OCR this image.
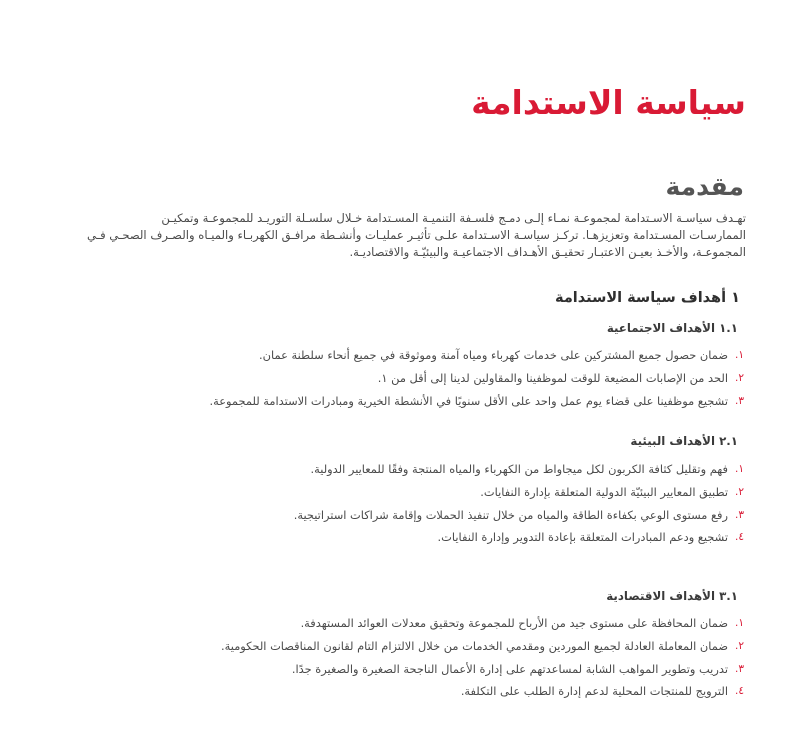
سياسة الاستدامة
مقدمة

تهـدف سياسـة الاسـتدامة لمجموعـة نمـاء إلـى دمـج فلسـفة التنميـة المسـتدامة خـلال سلسـلة التوريـد للمجموعـة وتمكيـن
الممارسـات المسـتدامة وتعزيزهـا. تركـز سياسـة الاسـتدامة علـى تأثيـر عمليـات وأنشـطة مرافـق الكهربـاء والميـاه والصـرف الصحـي فـي
المجموعـة، والأخـذ بعيـن الاعتبـار تحقيـق الأهـداف الاجتماعيـة والبيئيّـة والاقتصاديـة.

١ أهداف سياسة الاستدامة
١.١ الأهداف الاجتماعية
١.
ضمان حصول جميع المشتركين على خدمات كهرباء ومياه آمنة وموثوقة في جميع أنحاء سلطنة عمان.
٢.
الحد من الإصابات المضيعة للوقت لموظفينا والمقاولين لدينا إلى أقل من ١.
٣.
تشجيع موظفينا على قضاء يوم عمل واحد على الأقل سنويًا في الأنشطة الخيرية ومبادرات الاستدامة للمجموعة.
٢.١ الأهداف البيئية
١.
فهم وتقليل كثافة الكربون لكل ميجاواط من الكهرباء والمياه المنتجة وفقًا للمعايير الدولية.
٢.
تطبيق المعايير البيئيّة الدولية المتعلقة بإدارة النفايات.
٣.
رفع مستوى الوعي بكفاءة الطاقة والمياه من خلال تنفيذ الحملات وإقامة شراكات استراتيجية.
٤.
تشجيع ودعم المبادرات المتعلقة بإعادة التدوير وإدارة النفايات.
٣.١ الأهداف الاقتصادية
١.
ضمان المحافظة على مستوى جيد من الأرباح للمجموعة وتحقيق معدلات العوائد المستهدفة.
٢.
ضمان المعاملة العادلة لجميع الموردين ومقدمي الخدمات من خلال الالتزام التام لقانون المناقصات الحكومية.
٣.
تدريب وتطوير المواهب الشابة لمساعدتهم على إدارة الأعمال الناجحة الصغيرة والصغيرة جدًا.
٤.
الترويج للمنتجات المحلية لدعم إدارة الطلب على التكلفة.
